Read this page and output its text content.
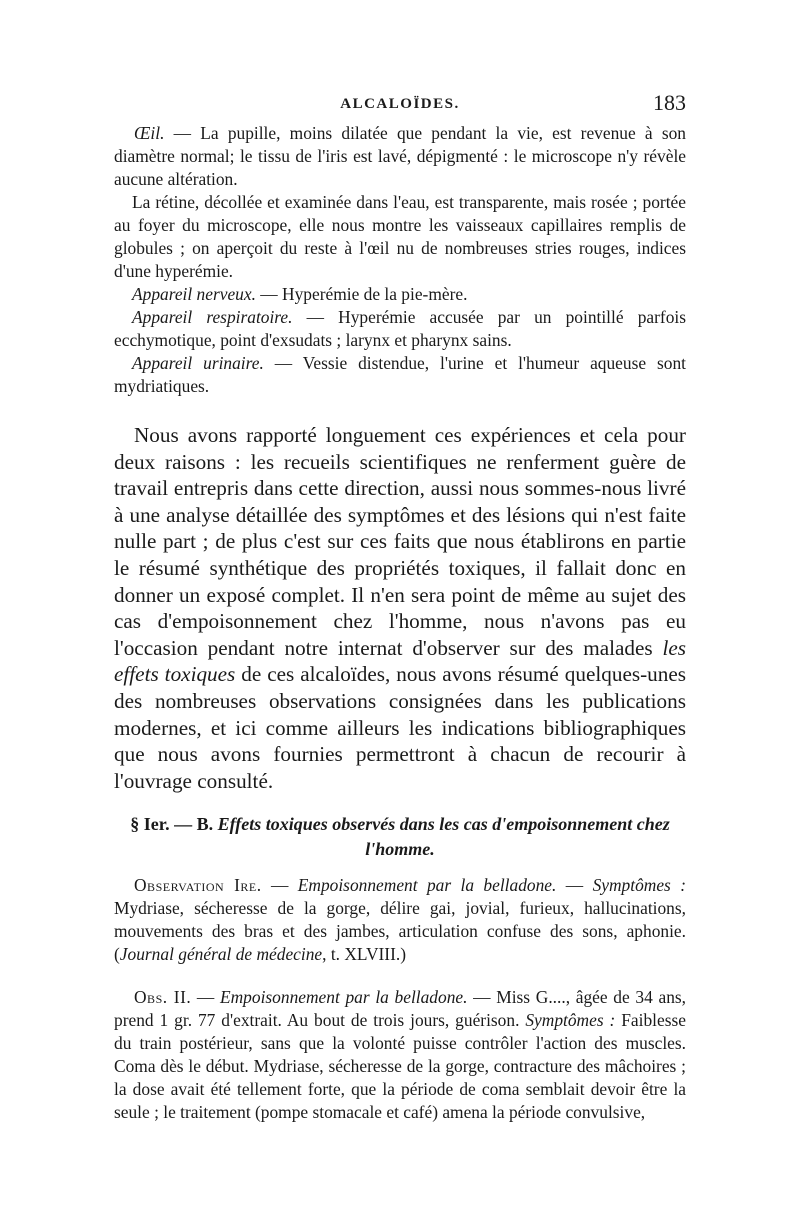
ALCALOÏDES.	183

Œil. — La pupille, moins dilatée que pendant la vie, est revenue à son diamètre normal; le tissu de l'iris est lavé, dépigmenté : le microscope n'y révèle aucune altération.

La rétine, décollée et examinée dans l'eau, est transparente, mais rosée ; portée au foyer du microscope, elle nous montre les vaisseaux capillaires remplis de globules ; on aperçoit du reste à l'œil nu de nombreuses stries rouges, indices d'une hyperémie.

Appareil nerveux. — Hyperémie de la pie-mère.

Appareil respiratoire. — Hyperémie accusée par un pointillé parfois ecchymotique, point d'exsudats ; larynx et pharynx sains.

Appareil urinaire. — Vessie distendue, l'urine et l'humeur aqueuse sont mydriatiques.

Nous avons rapporté longuement ces expériences et cela pour deux raisons : les recueils scientifiques ne renferment guère de travail entrepris dans cette direction, aussi nous sommes-nous livré à une analyse détaillée des symptômes et des lésions qui n'est faite nulle part ; de plus c'est sur ces faits que nous établirons en partie le résumé synthétique des propriétés toxiques, il fallait donc en donner un exposé complet. Il n'en sera point de même au sujet des cas d'empoisonnement chez l'homme, nous n'avons pas eu l'occasion pendant notre internat d'observer sur des malades les effets toxiques de ces alcaloïdes, nous avons résumé quelques-unes des nombreuses observations consignées dans les publications modernes, et ici comme ailleurs les indications bibliographiques que nous avons fournies permettront à chacun de recourir à l'ouvrage consulté.

§ Ier. — B. Effets toxiques observés dans les cas d'empoisonnement chez l'homme.

Observation Ire. — Empoisonnement par la belladone. — Symptômes : Mydriase, sécheresse de la gorge, délire gai, jovial, furieux, hallucinations, mouvements des bras et des jambes, articulation confuse des sons, aphonie. (Journal général de médecine, t. XLVIII.)

Obs. II. — Empoisonnement par la belladone. — Miss G...., âgée de 34 ans, prend 1 gr. 77 d'extrait. Au bout de trois jours, guérison. Symptômes : Faiblesse du train postérieur, sans que la volonté puisse contrôler l'action des muscles. Coma dès le début. Mydriase, sécheresse de la gorge, contracture des mâchoires ; la dose avait été tellement forte, que la période de coma semblait devoir être la seule ; le traitement (pompe stomacale et café) amena la période convulsive,
